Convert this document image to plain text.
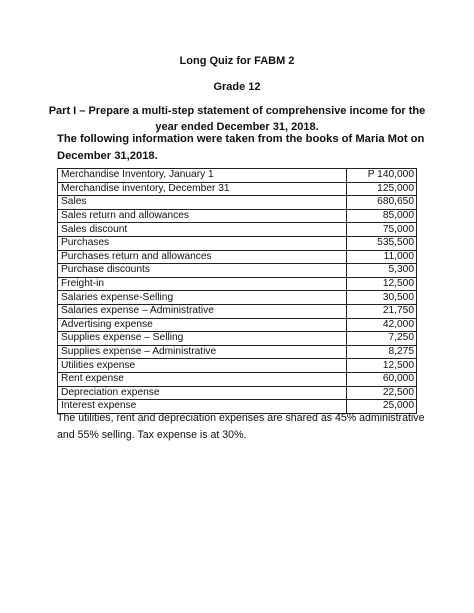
Long Quiz for FABM 2
Grade 12
Part I – Prepare a multi-step statement of comprehensive income for the year ended December 31, 2018.
The following information were taken from the books of Maria Mot on December 31,2018.
Merchandise Inventory, January 1	P 140,000
Merchandise inventory, December 31	125,000
Sales	680,650
Sales return and allowances	85,000
Sales discount	75,000
Purchases	535,500
Purchases return and allowances	11,000
Purchase discounts	5,300
Freight-in	12,500
Salaries expense-Selling	30,500
Salaries expense – Administrative	21,750
Advertising expense	42,000
Supplies expense – Selling	7,250
Supplies expense – Administrative	8,275
Utilities expense	12,500
Rent expense	60,000
Depreciation expense	22,500
Interest expense	25,000
The utilities, rent and depreciation expenses are shared as 45% administrative and 55% selling. Tax expense is at 30%.
